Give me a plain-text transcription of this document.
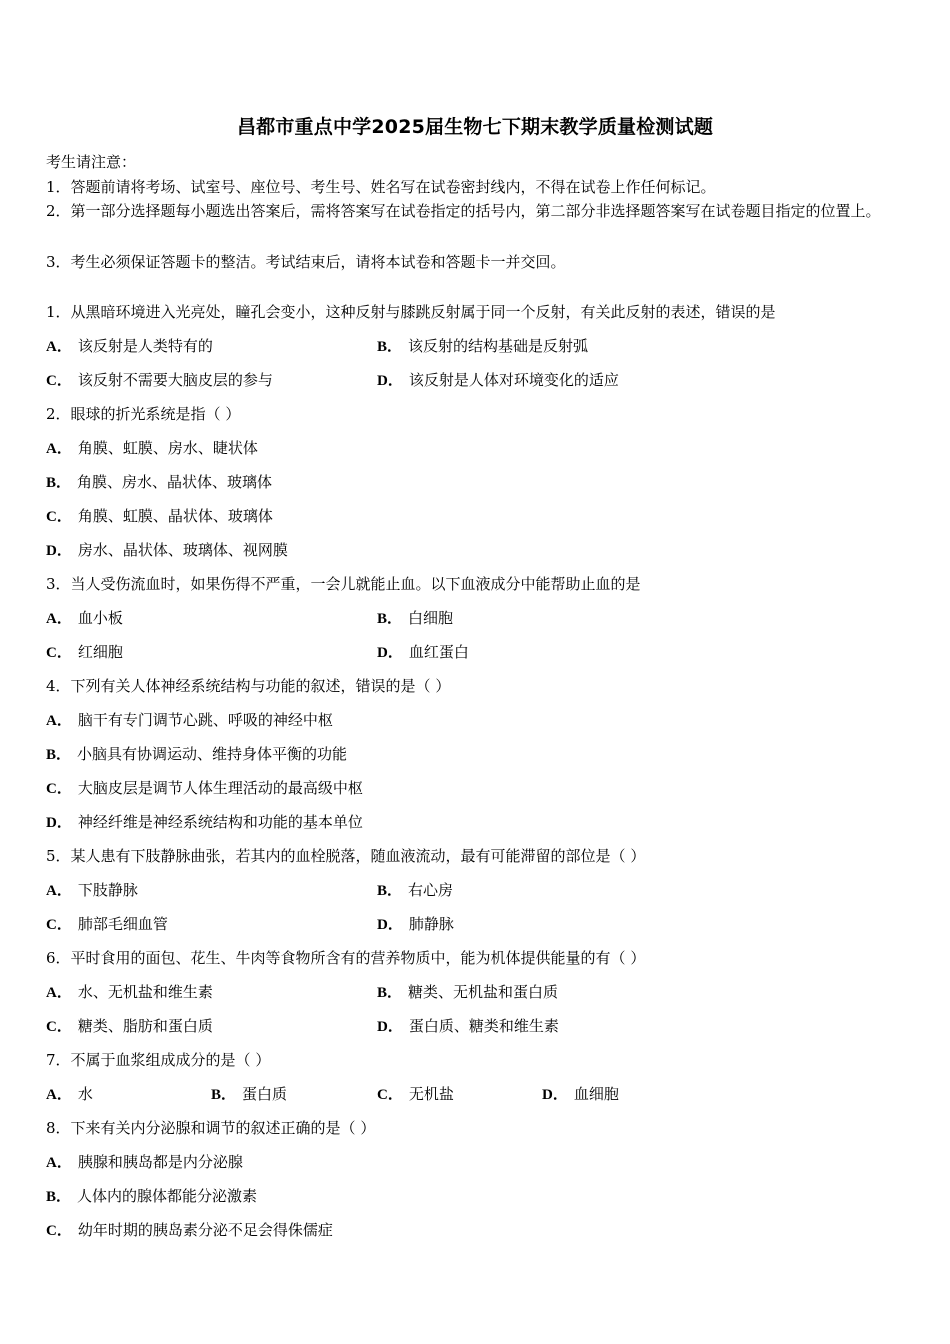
昌都市重点中学2025届生物七下期末教学质量检测试题
考生请注意：
1．答题前请将考场、试室号、座位号、考生号、姓名写在试卷密封线内，不得在试卷上作任何标记。
2．第一部分选择题每小题选出答案后，需将答案写在试卷指定的括号内，第二部分非选择题答案写在试卷题目指定的位置上。
3．考生必须保证答题卡的整洁。考试结束后，请将本试卷和答题卡一并交回。
1．从黑暗环境进入光亮处，瞳孔会变小，这种反射与膝跳反射属于同一个反射，有关此反射的表述，错误的是
A． 该反射是人类特有的	B． 该反射的结构基础是反射弧
C． 该反射不需要大脑皮层的参与	D． 该反射是人体对环境变化的适应
2．眼球的折光系统是指（ ）
A． 角膜、虹膜、房水、睫状体
B． 角膜、房水、晶状体、玻璃体
C． 角膜、虹膜、晶状体、玻璃体
D． 房水、晶状体、玻璃体、视网膜
3．当人受伤流血时，如果伤得不严重，一会儿就能止血。以下血液成分中能帮助止血的是
A． 血小板	B． 白细胞
C． 红细胞	D． 血红蛋白
4．下列有关人体神经系统结构与功能的叙述，错误的是（ ）
A． 脑干有专门调节心跳、呼吸的神经中枢
B． 小脑具有协调运动、维持身体平衡的功能
C． 大脑皮层是调节人体生理活动的最高级中枢
D． 神经纤维是神经系统结构和功能的基本单位
5．某人患有下肢静脉曲张，若其内的血栓脱落，随血液流动，最有可能滞留的部位是（ ）
A． 下肢静脉	B． 右心房
C． 肺部毛细血管	D． 肺静脉
6．平时食用的面包、花生、牛肉等食物所含有的营养物质中，能为机体提供能量的有（ ）
A． 水、无机盐和维生素	B． 糖类、无机盐和蛋白质
C． 糖类、脂肪和蛋白质	D． 蛋白质、糖类和维生素
7．不属于血浆组成成分的是（ ）
A． 水	B． 蛋白质	C． 无机盐	D． 血细胞
8．下来有关内分泌腺和调节的叙述正确的是（ ）
A． 胰腺和胰岛都是内分泌腺
B． 人体内的腺体都能分泌激素
C． 幼年时期的胰岛素分泌不足会得侏儒症
